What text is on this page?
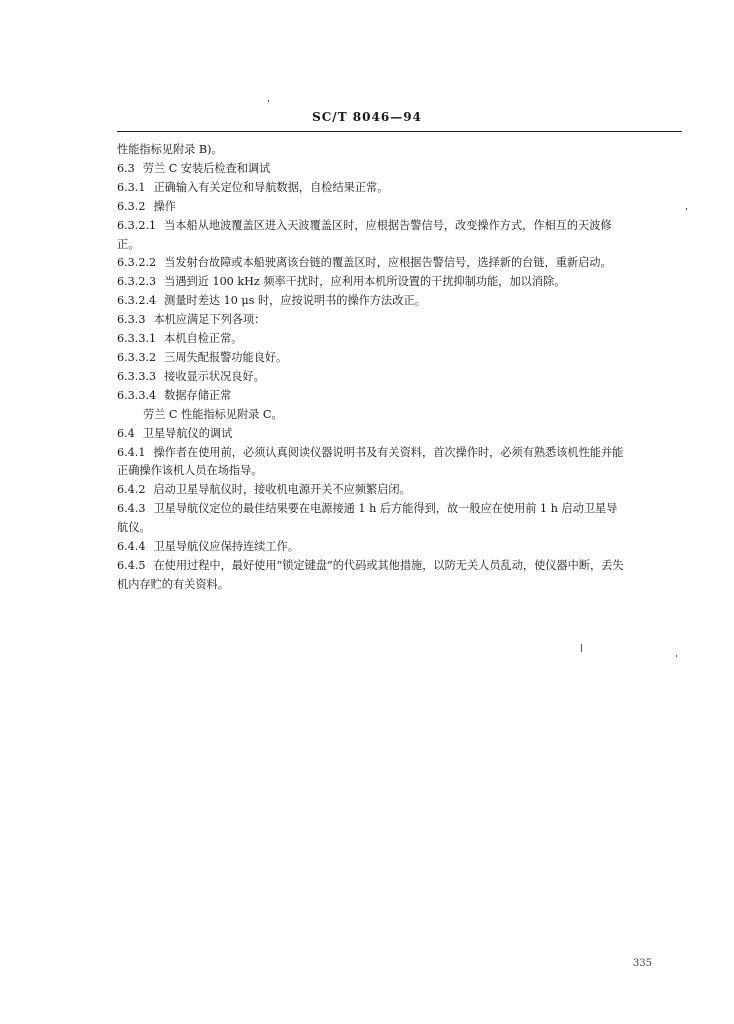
SC/T 8046—94
性能指标见附录 B)。
6.3 劳兰 C 安装后检查和调试
6.3.1 正确输入有关定位和导航数据，自检结果正常。
6.3.2 操作
6.3.2.1 当本船从地波覆盖区进入天波覆盖区时，应根据告警信号，改变操作方式，作相互的天波修
正。
6.3.2.2 当发射台故障或本船驶离该台链的覆盖区时，应根据告警信号，选择新的台链，重新启动。
6.3.2.3 当遇到近 100 kHz 频率干扰时，应利用本机所设置的干扰抑制功能，加以消除。
6.3.2.4 测量时差达 10 μs 时，应按说明书的操作方法改正。
6.3.3 本机应满足下列各项：
6.3.3.1 本机自检正常。
6.3.3.2 三周失配报警功能良好。
6.3.3.3 接收显示状况良好。
6.3.3.4 数据存储正常
劳兰 C 性能指标见附录 C。
6.4 卫星导航仪的调试
6.4.1 操作者在使用前，必须认真阅读仪器说明书及有关资料，首次操作时，必须有熟悉该机性能并能
正确操作该机人员在场指导。
6.4.2 启动卫星导航仪时，接收机电源开关不应频繁启闭。
6.4.3 卫星导航仪定位的最佳结果要在电源接通 1 h 后方能得到，故一般应在使用前 1 h 启动卫星导
航仪。
6.4.4 卫星导航仪应保持连续工作。
6.4.5 在使用过程中，最好使用“锁定键盘”的代码或其他措施，以防无关人员乱动，使仪器中断，丢失
机内存贮的有关资料。
335
